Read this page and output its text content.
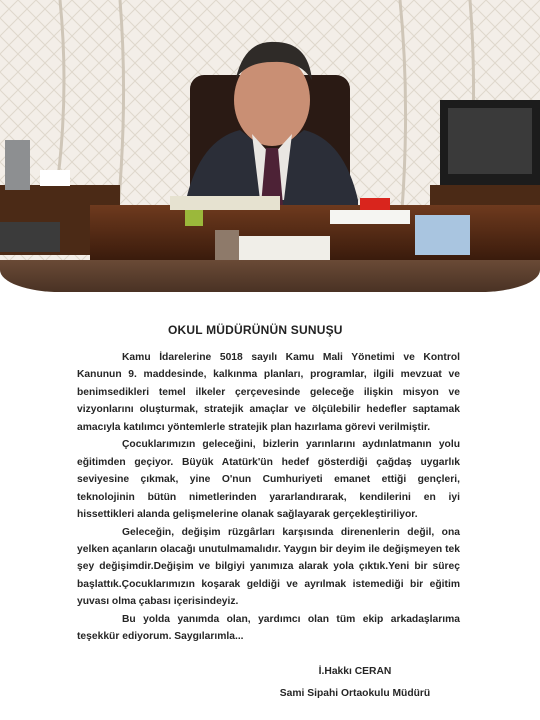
OKUL MÜDÜRÜNÜN SUNUŞU

Kamu İdarelerine 5018 sayılı Kamu Mali Yönetimi ve Kontrol Kanunun 9. maddesinde, kalkınma planları, programlar, ilgili mevzuat ve benimsedikleri temel ilkeler çerçevesinde geleceğe ilişkin misyon ve vizyonlarını oluşturmak, stratejik amaçlar ve ölçülebilir hedefler saptamak amacıyla katılımcı yöntemlerle stratejik plan hazırlama görevi verilmiştir.

Çocuklarımızın geleceğini, bizlerin yarınlarını aydınlatmanın yolu eğitimden geçiyor. Büyük Atatürk'ün hedef gösterdiği çağdaş uygarlık seviyesine çıkmak, yine O'nun Cumhuriyeti emanet ettiği gençleri, teknolojinin bütün nimetlerinden yararlandırarak, kendilerini en iyi hissettikleri alanda gelişmelerine olanak sağlayarak gerçekleştiriliyor.

Geleceğin, değişim rüzgârları karşısında direnenlerin değil, ona yelken açanların olacağı unutulmamalıdır. Yaygın bir deyim ile değişmeyen tek şey değişimdir.Değişim ve bilgiyi yanımıza alarak yola çıktık.Yeni bir süreç başlattık.Çocuklarımızın koşarak geldiği ve ayrılmak istemediği bir eğitim yuvası olma çabası içerisindeyiz.

Bu yolda yanımda olan, yardımcı olan tüm ekip arkadaşlarıma teşekkür ediyorum. Saygılarımla...

İ.Hakkı CERAN
Sami Sipahi Ortaokulu Müdürü
